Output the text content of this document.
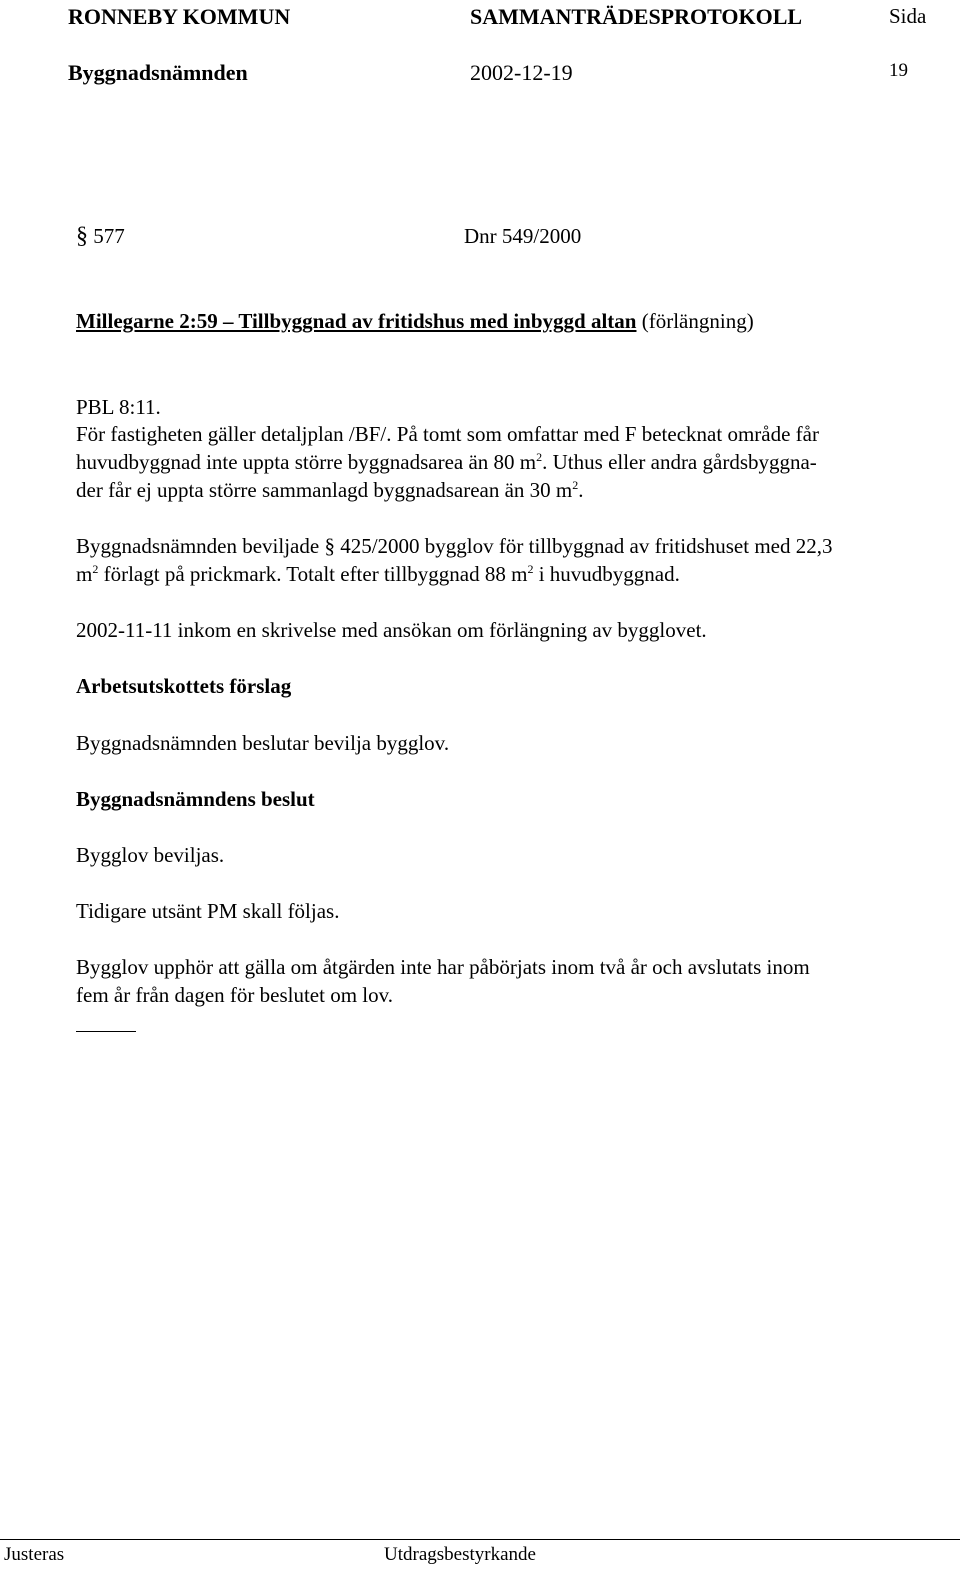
RONNEBY KOMMUN	SAMMANTRÄDESPROTOKOLL	Sida
Byggnadsnämnden	2002-12-19	19
§ 577	Dnr 549/2000
Millegarne 2:59 – Tillbyggnad av fritidshus med inbyggd altan (förlängning)
PBL 8:11.
För fastigheten gäller detaljplan /BF/. På tomt som omfattar med F betecknat område får
huvudbyggnad inte uppta större byggnadsarea än 80 $m^2$. Uthus eller andra gårdsbyggna-
der får ej uppta större sammanlagd byggnadsarean än 30 $m^2$.
Byggnadsnämnden beviljade § 425/2000 bygglov för tillbyggnad av fritidshuset med 22,3
$m^2$ förlagt på prickmark. Totalt efter tillbyggnad 88 $m^2$ i huvudbyggnad.
2002-11-11 inkom en skrivelse med ansökan om förlängning av bygglovet.
Arbetsutskottets förslag
Byggnadsnämnden beslutar bevilja bygglov.
Byggnadsnämndens beslut
Bygglov beviljas.
Tidigare utsänt PM skall följas.
Bygglov upphör att gälla om åtgärden inte har påbörjats inom två år och avslutats inom
fem år från dagen för beslutet om lov.
Justeras	Utdragsbestyrkande
